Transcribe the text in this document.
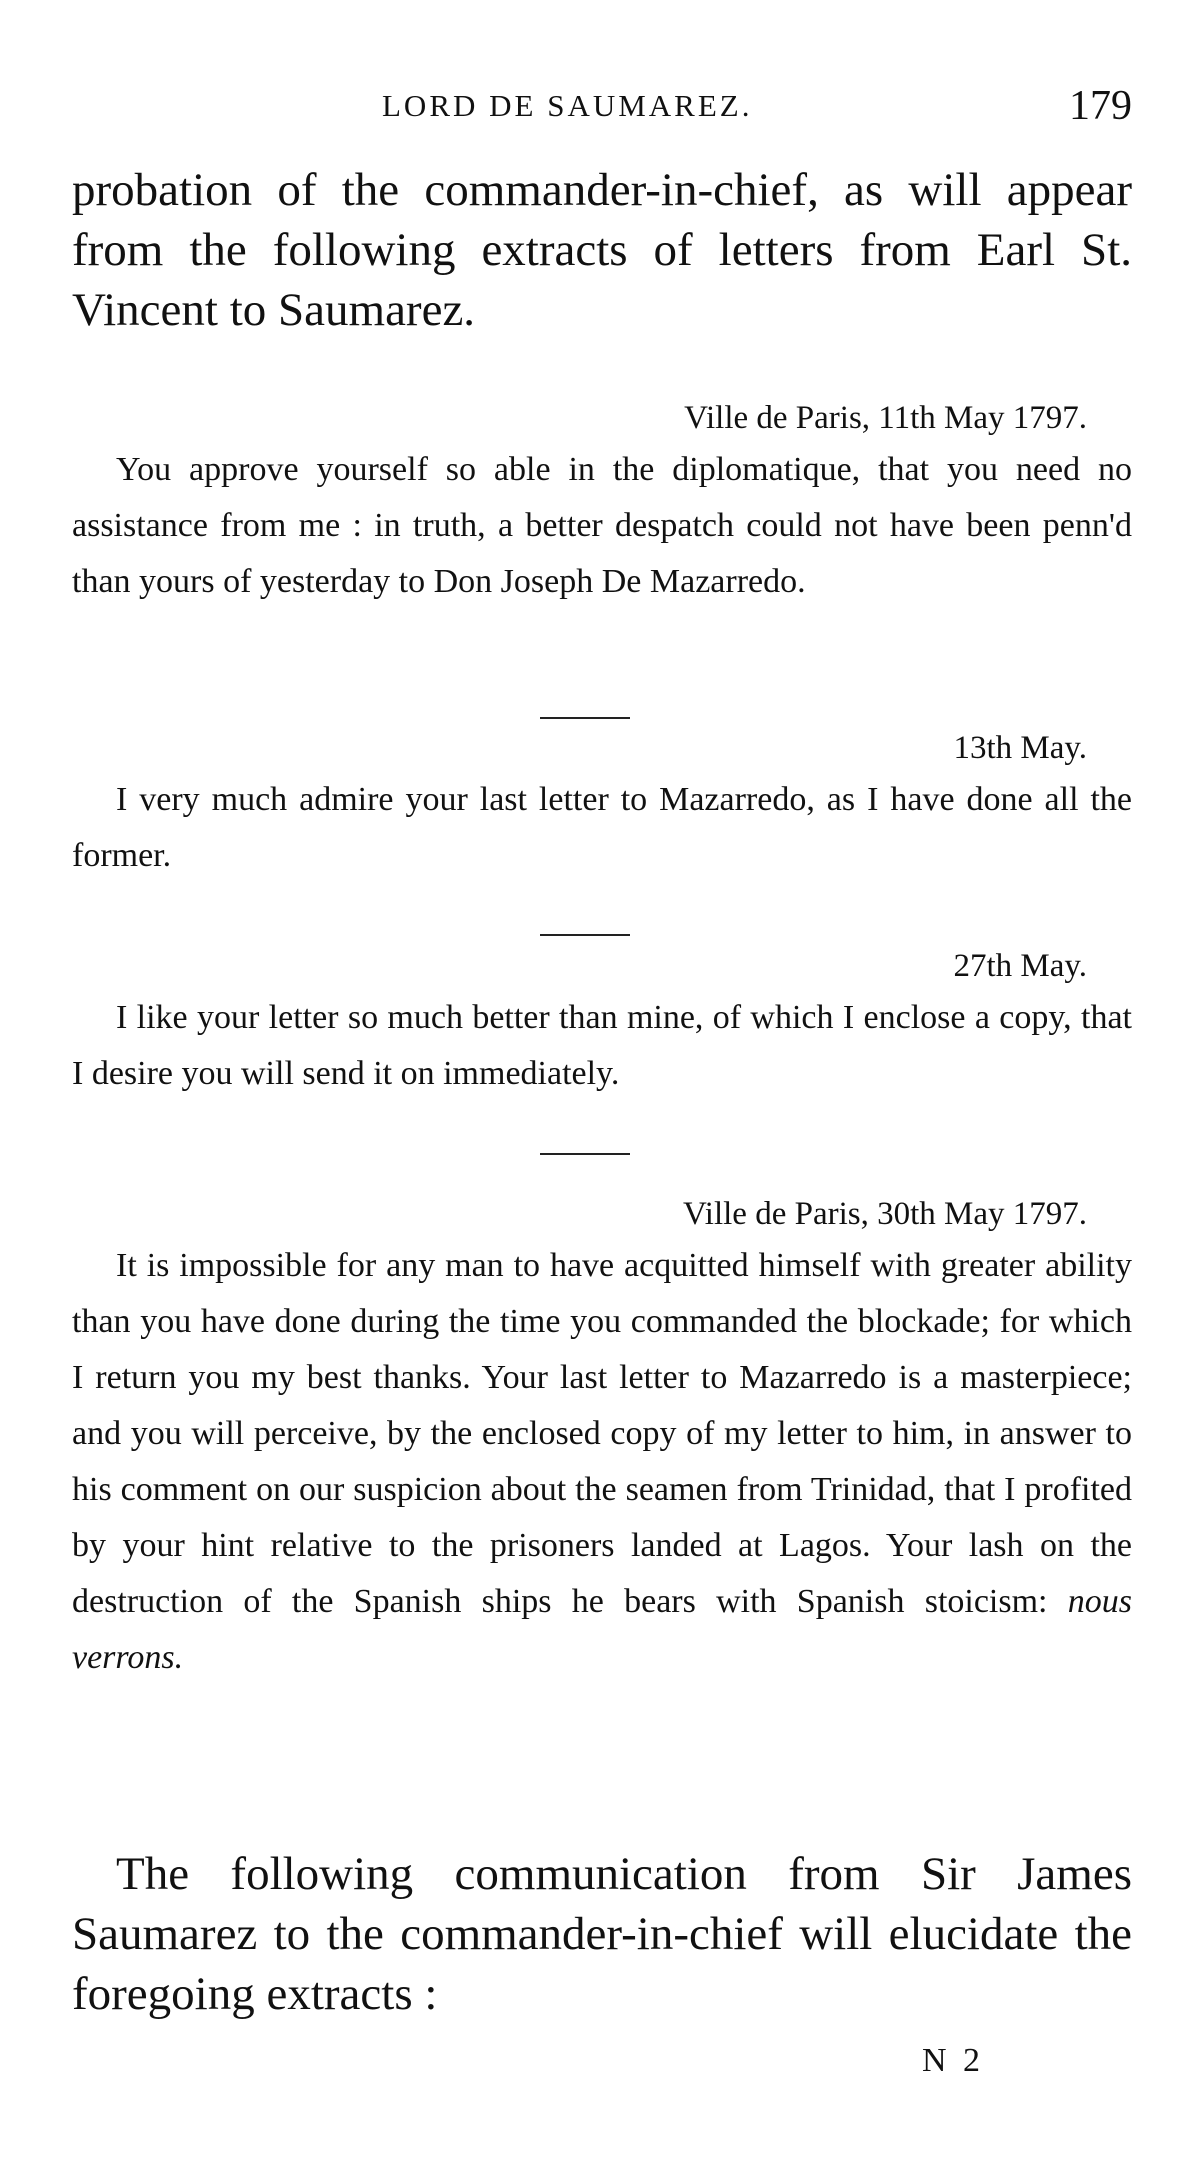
LORD DE SAUMAREZ.	179

probation of the commander-in-chief, as will appear from the following extracts of letters from Earl St. Vincent to Saumarez.

Ville de Paris, 11th May 1797.

You approve yourself so able in the diplomatique, that you need no assistance from me : in truth, a better despatch could not have been penn'd than yours of yesterday to Don Joseph De Mazarredo.

13th May.

I very much admire your last letter to Mazarredo, as I have done all the former.

27th May.

I like your letter so much better than mine, of which I enclose a copy, that I desire you will send it on immediately.

Ville de Paris, 30th May 1797.

It is impossible for any man to have acquitted himself with greater ability than you have done during the time you commanded the blockade; for which I return you my best thanks. Your last letter to Mazarredo is a masterpiece; and you will perceive, by the enclosed copy of my letter to him, in answer to his comment on our suspicion about the seamen from Trinidad, that I profited by your hint relative to the prisoners landed at Lagos. Your lash on the destruction of the Spanish ships he bears with Spanish stoicism: nous verrons.

The following communication from Sir James Saumarez to the commander-in-chief will elucidate the foregoing extracts :

N 2
